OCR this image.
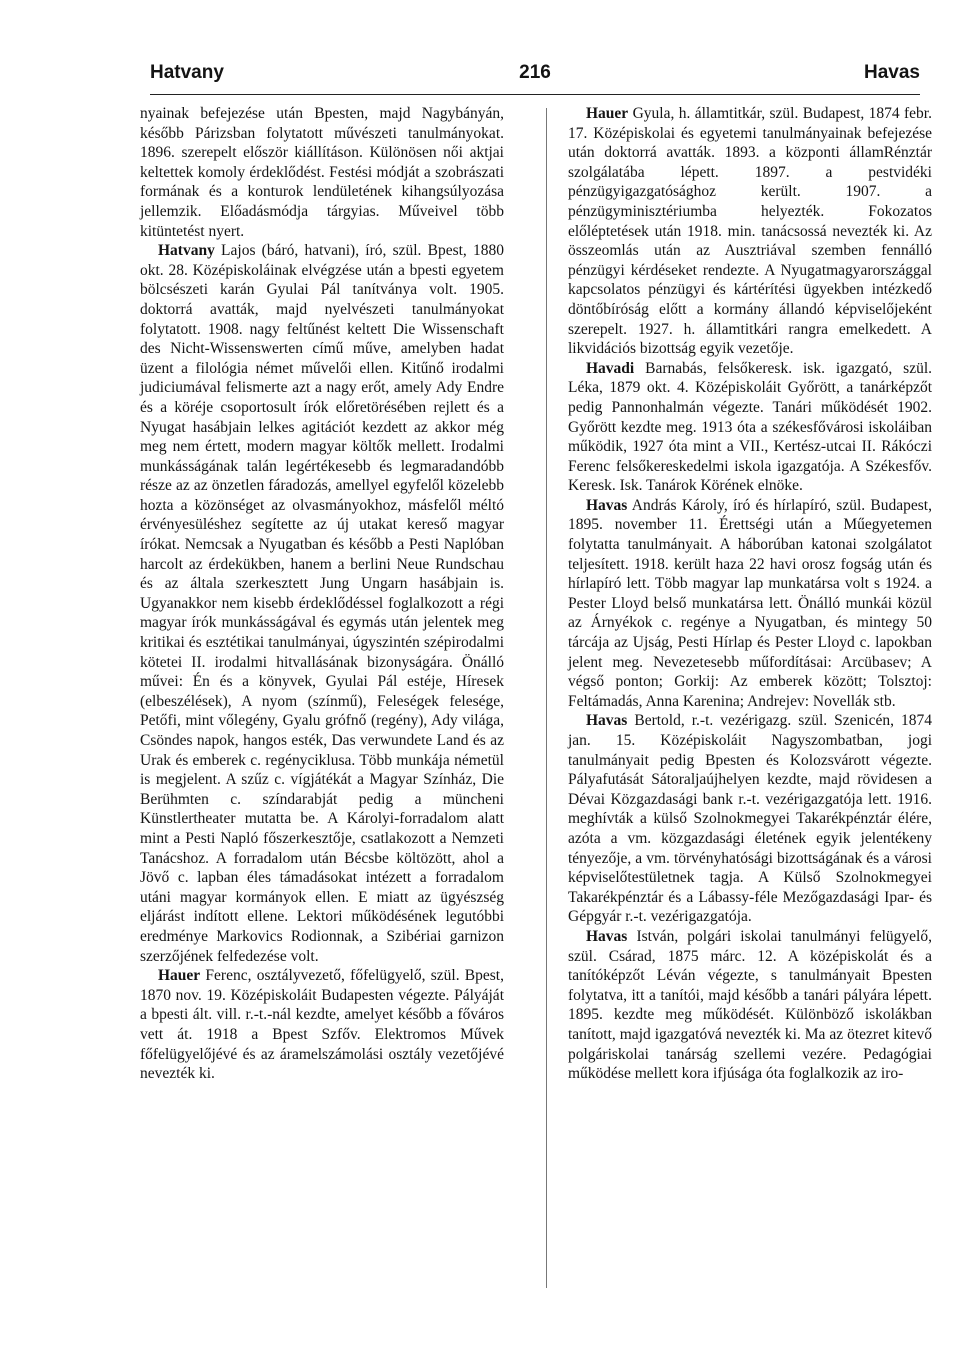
Hatvany	216	Havas

nyainak befejezése után Bpesten, majd Nagybányán, később Párizsban folytatott művészeti tanulmányokat. 1896. szerepelt először kiállításon. Különösen női aktjai keltettek komoly érdeklődést. Festési módját a szobrászati formának és a konturok lendületének kihangsúlyozása jellemzik. Előadásmódja tárgyias. Műveivel több kitüntetést nyert.

Hatvany Lajos (báró, hatvani), író, szül. Bpest, 1880 okt. 28. Középiskoláinak elvégzése után a bpesti egyetem bölcsészeti karán Gyulai Pál tanítványa volt. 1905. doktorrá avatták, majd nyelvészeti tanulmányokat folytatott. 1908. nagy feltűnést keltett Die Wissenschaft des Nicht-Wissenswerten című műve, amelyben hadat üzent a filológia német művelői ellen. Kitűnő irodalmi judiciumával felismerte azt a nagy erőt, amely Ady Endre és a köréje csoportosult írók előretörésében rejlett és a Nyugat hasábjain lelkes agitációt kezdett az akkor még meg nem értett, modern magyar költők mellett. Irodalmi munkásságának talán legértékesebb és legmaradandóbb része az az önzetlen fáradozás, amellyel egyfelől közelebb hozta a közönséget az olvasmányokhoz, másfelől méltó érvényesüléshez segítette az új utakat kereső magyar írókat. Nemcsak a Nyugatban és később a Pesti Naplóban harcolt az érdekükben, hanem a berlini Neue Rundschau és az általa szerkesztett Jung Ungarn hasábjain is. Ugyanakkor nem kisebb érdeklődéssel foglalkozott a régi magyar írók munkásságával és egymás után jelentek meg kritikai és esztétikai tanulmányai, úgyszintén szépirodalmi kötetei II. irodalmi hitvallásának bizonyságára. Önálló művei: Én és a könyvek, Gyulai Pál estéje, Híresek (elbeszélések), A nyom (színmű), Feleségek felesége, Petőfi, mint vőlegény, Gyalu grófnő (regény), Ady világa, Csöndes napok, hangos esték, Das verwundete Land és az Urak és emberek c. regényciklusa. Több munkája németül is megjelent. A szűz c. vígjátékát a Magyar Színház, Die Berühmten c. színdarabját pedig a müncheni Künstlertheater mutatta be. A Károlyi-forradalom alatt mint a Pesti Napló főszerkesztője, csatlakozott a Nemzeti Tanácshoz. A forradalom után Bécsbe költözött, ahol a Jövő c. lapban éles támadásokat intézett a forradalom utáni magyar kormányok ellen. E miatt az ügyészség eljárást indított ellene. Lektori működésének legutóbbi eredménye Markovics Rodionnak, a Szibériai garnizon szerzőjének felfedezése volt.

Hauer Ferenc, osztályvezető, főfelügyelő, szül. Bpest, 1870 nov. 19. Középiskoláit Budapesten végezte. Pályáját a bpesti ált. vill. r.-t.-nál kezdte, amelyet később a főváros vett át. 1918 a Bpest Szfőv. Elektromos Művek főfelügyelőjévé és az áramelszámolási osztály vezetőjévé nevezték ki.

Hauer Gyula, h. államtitkár, szül. Budapest, 1874 febr. 17. Középiskolai és egyetemi tanulmányainak befejezése után doktorrá avatták. 1893. a központi államRénztár szolgálatába lépett. 1897. a pestvidéki pénzügyigazgatósághoz került. 1907. a pénzügyminisztériumba helyezték. Fokozatos előléptetések után 1918. min. tanácsossá nevezték ki. Az összeomlás után az Ausztriával szemben fennálló pénzügyi kérdéseket rendezte. A Nyugatmagyarországgal kapcsolatos pénzügyi és kártérítési ügyekben intézkedő döntőbíróság előtt a kormány állandó képviselőjeként szerepelt. 1927. h. államtitkári rangra emelkedett. A likvidációs bizottság egyik vezetője.

Havadi Barnabás, felsőkeresk. isk. igazgató, szül. Léka, 1879 okt. 4. Középiskoláit Győrött, a tanárképzőt pedig Pannonhalmán végezte. Tanári működését 1902. Győrött kezdte meg. 1913 óta a székesfővárosi iskoláiban működik, 1927 óta mint a VII., Kertész-utcai II. Rákóczi Ferenc felsőkereskedelmi iskola igazgatója. A Székesfőv. Keresk. Isk. Tanárok Körének elnöke.

Havas András Károly, író és hírlapíró, szül. Budapest, 1895. november 11. Érettségi után a Műegyetemen folytatta tanulmányait. A háborúban katonai szolgálatot teljesített. 1918. került haza 22 havi orosz fogság után és hírlapíró lett. Több magyar lap munkatársa volt s 1924. a Pester Lloyd belső munkatársa lett. Önálló munkái közül az Árnyékok c. regénye a Nyugatban, és mintegy 50 tárcája az Ujság, Pesti Hírlap és Pester Lloyd c. lapokban jelent meg. Nevezetesebb műfordításai: Arcübasev; A végső ponton; Gorkij: Az emberek között; Tolsztoj: Feltámadás, Anna Karenina; Andrejev: Novellák stb.

Havas Bertold, r.-t. vezérigazg. szül. Szenicén, 1874 jan. 15. Középiskoláit Nagyszombatban, jogi tanulmányait pedig Bpesten és Kolozsvárott végezte. Pályafutását Sátoraljaújhelyen kezdte, majd rövidesen a Dévai Közgazdasági bank r.-t. vezérigazgatója lett. 1916. meghívták a külső Szolnokmegyei Takarékpénztár élére, azóta a vm. közgazdasági életének egyik jelentékeny tényezője, a vm. törvényhatósági bizottságának és a városi képviselőtestületnek tagja. A Külső Szolnokmegyei Takarékpénztár és a Lábassy-féle Mezőgazdasági Ipar- és Gépgyár r.-t. vezérigazgatója.

Havas István, polgári iskolai tanulmányi felügyelő, szül. Csárad, 1875 márc. 12. A középiskolát és a tanítóképzőt Léván végezte, s tanulmányait Bpesten folytatva, itt a tanítói, majd később a tanári pályára lépett. 1895. kezdte meg működését. Különböző iskolákban tanított, majd igazgatóvá nevezték ki. Ma az ötezret kitevő polgáriskolai tanárság szellemi vezére. Pedagógiai működése mellett kora ifjúsága óta foglalkozik az iro-
